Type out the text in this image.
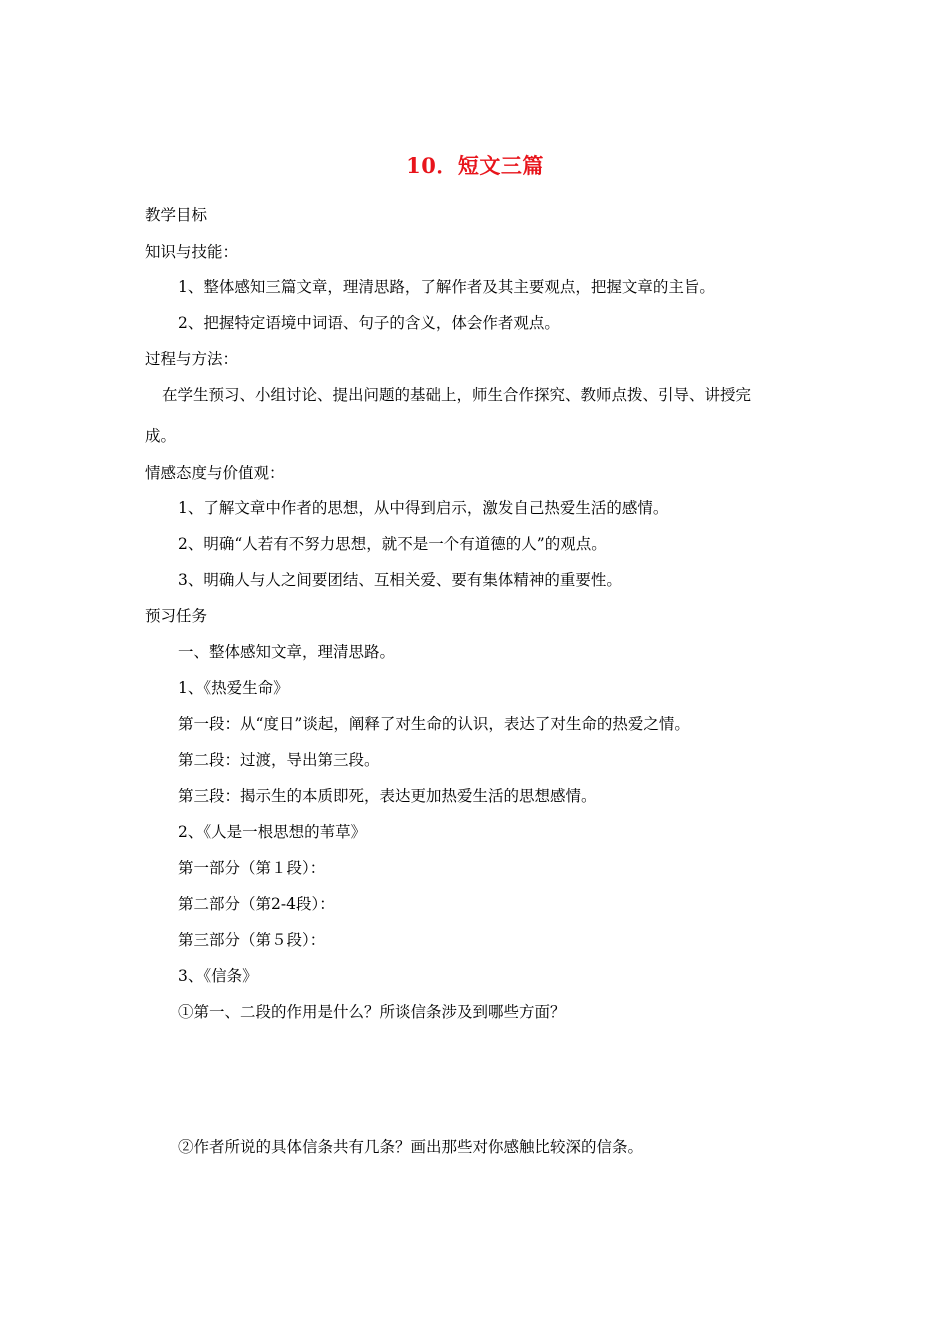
10．短文三篇
教学目标
知识与技能：
1、整体感知三篇文章，理清思路，了解作者及其主要观点，把握文章的主旨。
2、把握特定语境中词语、句子的含义，体会作者观点。
过程与方法：
在学生预习、小组讨论、提出问题的基础上，师生合作探究、教师点拨、引导、讲授完
成。
情感态度与价值观：
1、了解文章中作者的思想，从中得到启示，激发自己热爱生活的感情。
2、明确“人若有不努力思想，就不是一个有道德的人”的观点。
3、明确人与人之间要团结、互相关爱、要有集体精神的重要性。
预习任务
一、整体感知文章，理清思路。
1、《热爱生命》
第一段：从“度日”谈起，阐释了对生命的认识，表达了对生命的热爱之情。
第二段：过渡，导出第三段。
第三段：揭示生的本质即死，表达更加热爱生活的思想感情。
2、《人是一根思想的苇草》
第一部分（第１段）：
第二部分（第2-4段）：
第三部分（第５段）：
3、《信条》
①第一、二段的作用是什么？所谈信条涉及到哪些方面？
②作者所说的具体信条共有几条？画出那些对你感触比较深的信条。
